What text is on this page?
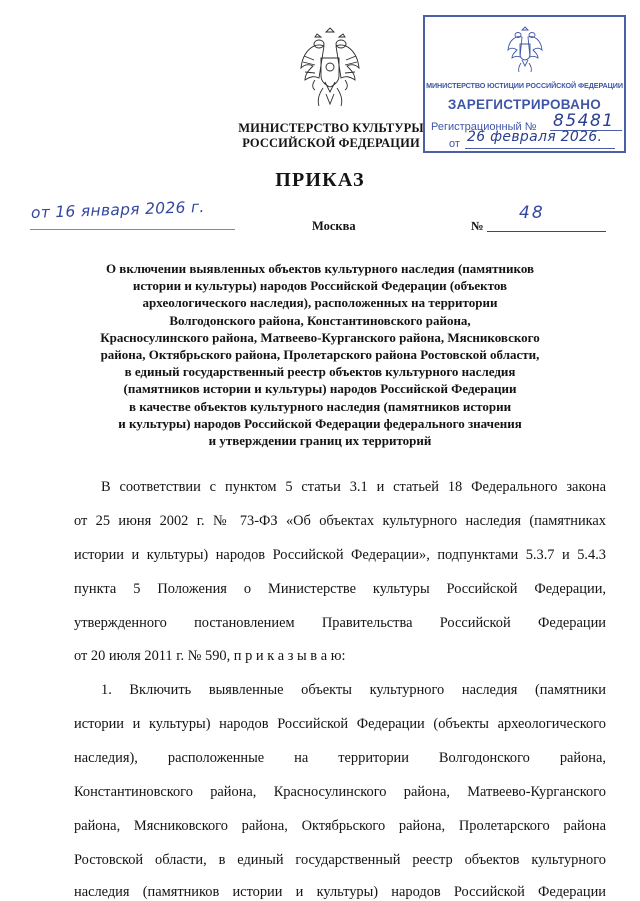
МИНИСТЕРСТВО КУЛЬТУРЫ
РОССИЙСКОЙ ФЕДЕРАЦИИ
МИНИСТЕРСТВО ЮСТИЦИИ РОССИЙСКОЙ ФЕДЕРАЦИИ
ЗАРЕГИСТРИРОВАНО
Регистрационный № 85481
от 26 февраля 2026.
ПРИКАЗ
от 16 января 2026 г.
Москва	№
48
О включении выявленных объектов культурного наследия (памятников
истории и культуры) народов Российской Федерации (объектов
археологического наследия), расположенных на территории
Волгодонского района, Константиновского района,
Красносулинского района, Матвеево-Курганского района, Мясниковского
района, Октябрьского района, Пролетарского района Ростовской области,
в единый государственный реестр объектов культурного наследия
(памятников истории и культуры) народов Российской Федерации
в качестве объектов культурного наследия (памятников истории
и культуры) народов Российской Федерации федерального значения
и утверждении границ их территорий
В соответствии с пунктом 5 статьи 3.1 и статьей 18 Федерального закона
от 25 июня 2002 г. № 73-ФЗ «Об объектах культурного наследия (памятниках
истории и культуры) народов Российской Федерации», подпунктами 5.3.7 и 5.4.3
пункта 5 Положения о Министерстве культуры Российской Федерации,
утвержденного постановлением Правительства Российской Федерации
от 20 июля 2011 г. № 590, п р и к а з ы в а ю:
1. Включить выявленные объекты культурного наследия (памятники
истории и культуры) народов Российской Федерации (объекты археологического
наследия), расположенные на территории Волгодонского района,
Константиновского района, Красносулинского района, Матвеево-Курганского
района, Мясниковского района, Октябрьского района, Пролетарского района
Ростовской области, в единый государственный реестр объектов культурного
наследия (памятников истории и культуры) народов Российской Федерации
